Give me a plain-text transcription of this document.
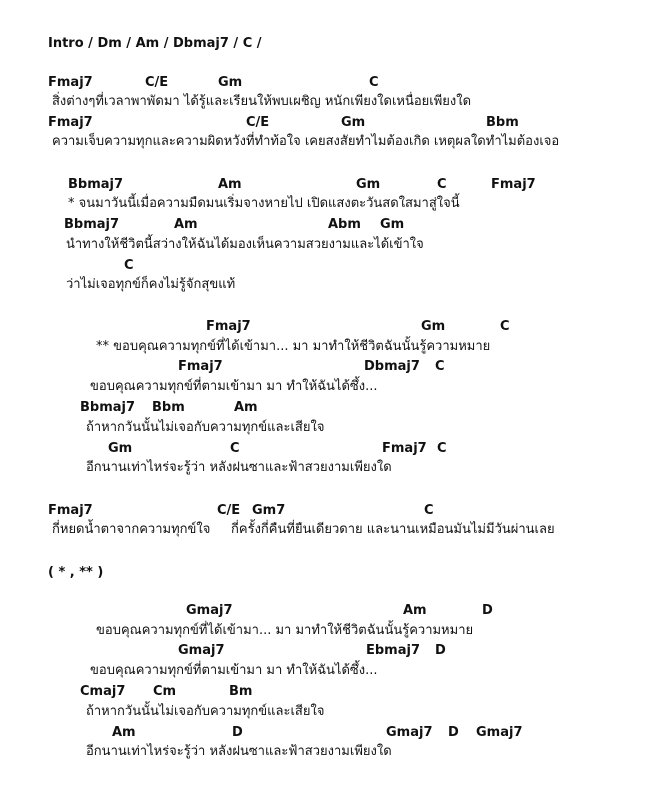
Intro / Dm / Am / Dbmaj7 / C /
Fmaj7	C/E	Gm	C
สิ่งต่างๆที่เวลาพาพัดมา ได้รู้และเรียนให้พบเผชิญ หนักเพียงใดเหนื่อยเพียงใด
Fmaj7	C/E	Gm	Bbm
ความเจ็บความทุกและความผิดหวังที่ทำท้อใจ เคยสงสัยทำไมต้องเกิด เหตุผลใดทำไมต้องเจอ
Bbmaj7	Am	Gm	C	Fmaj7
* จนมาวันนี้เมื่อความมืดมนเริ่มจางหายไป เปิดแสงตะวันสดใสมาสู่ใจนี้
Bbmaj7	Am	Abm Gm
นำทางให้ชีวิตนี้สว่างให้ฉันได้มองเห็นความสวยงามและได้เข้าใจ
C
ว่าไม่เจอทุกข์ก็คงไม่รู้จักสุขแท้
Fmaj7	Gm	C
** ขอบคุณความทุกข์ที่ได้เข้ามา... มา มาทำให้ชีวิตฉันนั้นรู้ความหมาย
Fmaj7	Dbmaj7 C
ขอบคุณความทุกข์ที่ตามเข้ามา มา ทำให้ฉันได้ซึ้ง...
Bbmaj7 Bbm	Am
ถ้าหากวันนั้นไม่เจอกับความทุกข์และเสียใจ
Gm	C	Fmaj7 C
อีกนานเท่าไหร่จะรู้ว่า หลังฝนซาและฟ้าสวยงามเพียงใด
Fmaj7	C/E Gm7	C
กี่หยดน้ำตาจากความทุกข์ใจ     กี่ครั้งกี่คืนที่ยืนเดียวดาย และนานเหมือนมันไม่มีวันผ่านเลย
( * , ** )
Gmaj7	Am	D
ขอบคุณความทุกข์ที่ได้เข้ามา... มา มาทำให้ชีวิตฉันนั้นรู้ความหมาย
Gmaj7	Ebmaj7 D
ขอบคุณความทุกข์ที่ตามเข้ามา มา ทำให้ฉันได้ซึ้ง...
Cmaj7 Cm	Bm
ถ้าหากวันนั้นไม่เจอกับความทุกข์และเสียใจ
Am	D	Gmaj7 D Gmaj7
อีกนานเท่าไหร่จะรู้ว่า หลังฝนซาและฟ้าสวยงามเพียงใด
